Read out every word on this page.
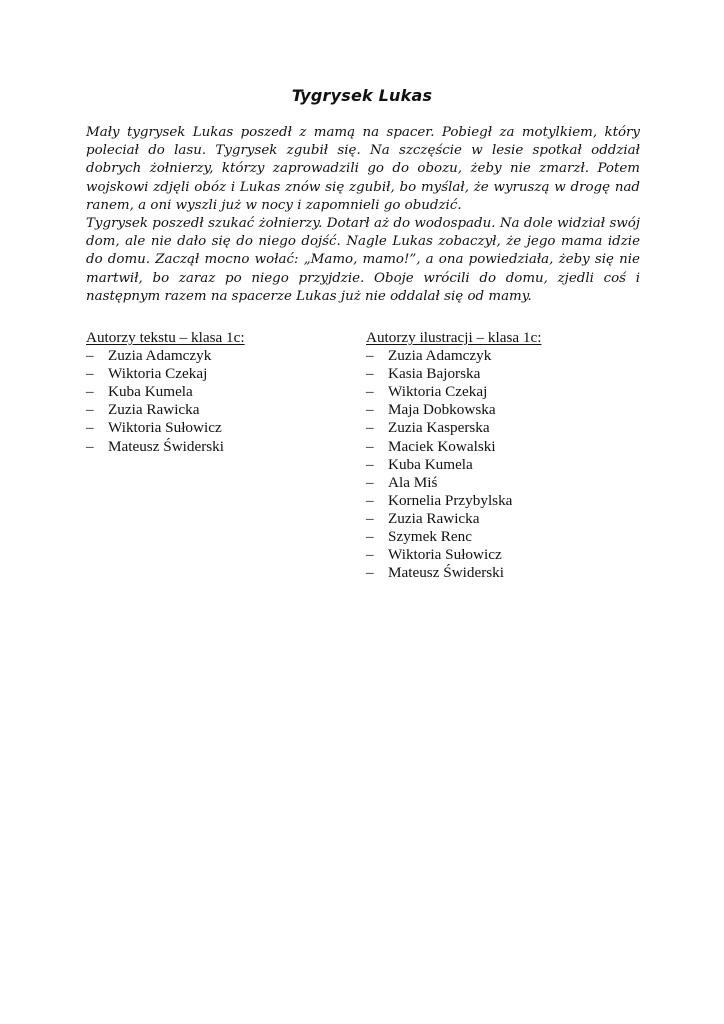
Tygrysek Lukas

Mały tygrysek Lukas poszedł z mamą na spacer. Pobiegł za motylkiem, który poleciał do lasu. Tygrysek zgubił się. Na szczęście w lesie spotkał oddział dobrych żołnierzy, którzy zaprowadzili go do obozu, żeby nie zmarzł. Potem wojskowi zdjęli obóz i Lukas znów się zgubił, bo myślał, że wyruszą w drogę nad ranem, a oni wyszli już w nocy i zapomnieli go obudzić.

Tygrysek poszedł szukać żołnierzy. Dotarł aż do wodospadu. Na dole widział swój dom, ale nie dało się do niego dojść. Nagle Lukas zobaczył, że jego mama idzie do domu. Zaczął mocno wołać: „Mamo, mamo!”, a ona powiedziała, żeby się nie martwił, bo zaraz po niego przyjdzie. Oboje wrócili do domu, zjedli coś i następnym razem na spacerze Lukas już nie oddalał się od mamy.

Autorzy tekstu – klasa 1c:
– Zuzia Adamczyk
– Wiktoria Czekaj
– Kuba Kumela
– Zuzia Rawicka
– Wiktoria Sułowicz
– Mateusz Świderski
Autorzy ilustracji – klasa 1c:
– Zuzia Adamczyk
– Kasia Bajorska
– Wiktoria Czekaj
– Maja Dobkowska
– Zuzia Kasperska
– Maciek Kowalski
– Kuba Kumela
– Ala Miś
– Kornelia Przybylska
– Zuzia Rawicka
– Szymek Renc
– Wiktoria Sułowicz
– Mateusz Świderski
